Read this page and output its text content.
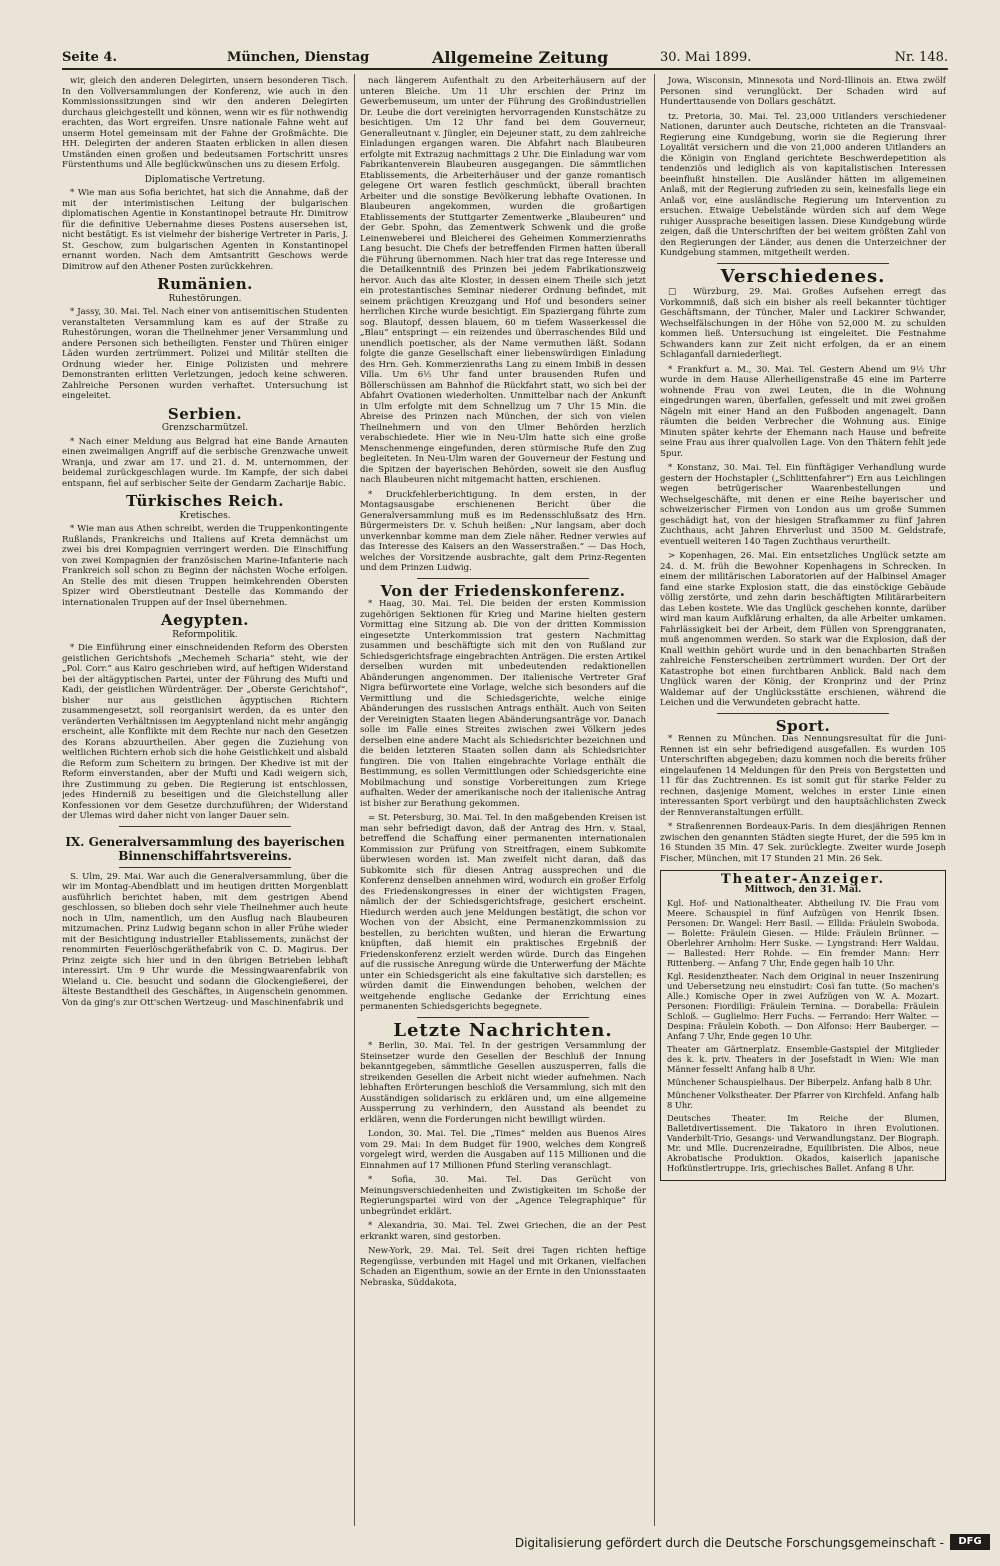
Seite 4.	München, Dienstag	Allgemeine Zeitung	30. Mai 1899.	Nr. 148.

wir, gleich den anderen Delegirten, unsern besonderen Tisch. In den Vollversammlungen der Konferenz, wie auch in den Kommissionssitzungen sind wir den anderen Delegirten durchaus gleichgestellt und können, wenn wir es für nothwendig erachten, das Wort ergreifen. Unsre nationale Fahne weht auf unserm Hotel gemeinsam mit der Fahne der Großmächte. Die HH. Delegirten der anderen Staaten erblicken in allen diesen Umständen einen großen und bedeutsamen Fortschritt unsres Fürstenthums und Alle beglückwünschen uns zu diesem Erfolg.

Diplomatische Vertretung.

* Wie man aus Sofia berichtet, hat sich die Annahme, daß der mit der interimistischen Leitung der bulgarischen diplomatischen Agentie in Konstantinopel betraute Hr. Dimitrow für die definitive Uebernahme dieses Postens ausersehen ist, nicht bestätigt. Es ist vielmehr der bisherige Vertreter in Paris, J. St. Geschow, zum bulgarischen Agenten in Konstantinopel ernannt worden. Nach dem Amtsantritt Geschows werde Dimitrow auf den Athener Posten zurückkehren.

Rumänien.
Ruhestörungen.

* Jassy, 30. Mai. Tel. Nach einer von antisemitischen Studenten veranstalteten Versammlung kam es auf der Straße zu Ruhestörungen, woran die Theilnehmer jener Versammlung und andere Personen sich betheiligten. Fenster und Thüren einiger Läden wurden zertrümmert. Polizei und Militär stellten die Ordnung wieder her. Einige Polizisten und mehrere Demonstranten erlitten Verletzungen, jedoch keine schweren. Zahlreiche Personen wurden verhaftet. Untersuchung ist eingeleitet.

Serbien.
Grenzscharmützel.

* Nach einer Meldung aus Belgrad hat eine Bande Arnauten einen zweimaligen Angriff auf die serbische Grenzwache unweit Wranja, und zwar am 17. und 21. d. M. unternommen, der beidemal zurückgeschlagen wurde. Im Kampfe, der sich dabei entspann, fiel auf serbischer Seite der Gendarm Zacharije Babic.

Türkisches Reich.
Kretisches.

* Wie man aus Athen schreibt, werden die Truppenkontingente Rußlands, Frankreichs und Italiens auf Kreta demnächst um zwei bis drei Kompagnien verringert werden. Die Einschiffung von zwei Kompagnien der französischen Marine-Infanterie nach Frankreich soll schon zu Beginn der nächsten Woche erfolgen. An Stelle des mit diesen Truppen heimkehrenden Obersten Spizer wird Oberstleutnant Destelle das Kommando der internationalen Truppen auf der Insel übernehmen.

Aegypten.
Reformpolitik.

* Die Einführung einer einschneidenden Reform des Obersten geistlichen Gerichtshofs „Mechemeh Scharia“ steht, wie der „Pol. Corr.“ aus Kairo geschrieben wird, auf heftigen Widerstand bei der altägyptischen Partei, unter der Führung des Mufti und Kadi, der geistlichen Würdenträger. Der „Oberste Gerichtshof“, bisher nur aus geistlichen ägyptischen Richtern zusammengesetzt, soll reorganisirt werden, da es unter den veränderten Verhältnissen im Aegyptenland nicht mehr angängig erscheint, alle Konflikte mit dem Rechte nur nach den Gesetzen des Korans abzuurtheilen. Aber gegen die Zuziehung von weltlichen Richtern erhob sich die hohe Geistlichkeit und alsbald die Reform zum Scheitern zu bringen. Der Khedive ist mit der Reform einverstanden, aber der Mufti und Kadi weigern sich, ihre Zustimmung zu geben. Die Regierung ist entschlossen, jedes Hinderniß zu beseitigen und die Gleichstellung aller Konfessionen vor dem Gesetze durchzuführen; der Widerstand der Ulemas wird daher nicht von langer Dauer sein.

IX. Generalversammlung des bayerischen Binnenschiffahrtsvereins.

S. Ulm, 29. Mai. War auch die Generalversammlung, über die wir im Montag-Abendblatt und im heutigen dritten Morgenblatt ausführlich berichtet haben, mit dem gestrigen Abend geschlossen, so blieben doch sehr viele Theilnehmer auch heute noch in Ulm, namentlich, um den Ausflug nach Blaubeuren mitzumachen. Prinz Ludwig begann schon in aller Frühe wieder mit der Besichtigung industrieller Etablissements, zunächst der renommirten Feuerlöschgeräthefabrik von C. D. Magirus. Der Prinz zeigte sich hier und in den übrigen Betrieben lebhaft interessirt. Um 9 Uhr wurde die Messingwaarenfabrik von Wieland u. Cie. besucht und sodann die Glockengießerei, der älteste Bestandtheil des Geschäftes, in Augenschein genommen. Von da ging's zur Ott'schen Wertzeug- und Maschinenfabrik und

nach längerem Aufenthalt zu den Arbeiterhäusern auf der unteren Bleiche. Um 11 Uhr erschien der Prinz im Gewerbemuseum, um unter der Führung des Großindustriellen Dr. Leube die dort vereinigten hervorragenden Kunstschätze zu besichtigen. Um 12 Uhr fand bei dem Gouverneur, Generalleutnant v. Jüngler, ein Dejeuner statt, zu dem zahlreiche Einladungen ergangen waren. Die Abfahrt nach Blaubeuren erfolgte mit Extrazug nachmittags 2 Uhr. Die Einladung war vom Fabrikantenverein Blaubeuren ausgegangen. Die sämmtlichen Etablissements, die Arbeiterhäuser und der ganze romantisch gelegene Ort waren festlich geschmückt, überall brachten Arbeiter und die sonstige Bevölkerung lebhafte Ovationen. In Blaubeuren angekommen, wurden die großartigen Etablissements der Stuttgarter Zementwerke „Blaubeuren“ und der Gebr. Spohn, das Zementwerk Schwenk und die große Leinenweberei und Bleicherei des Geheimen Kommerzienraths Lang besucht. Die Chefs der betreffenden Firmen hatten überall die Führung übernommen. Nach hier trat das rege Interesse und die Detailkenntniß des Prinzen bei jedem Fabrikationszweig hervor. Auch das alte Kloster, in dessen einem Theile sich jetzt ein protestantisches Seminar niederer Ordnung befindet, mit seinem prächtigen Kreuzgang und Hof und besonders seiner herrlichen Kirche wurde besichtigt. Ein Spaziergang führte zum sog. Blautopf, dessen blauem, 60 m tiefem Wasserkessel die „Blau“ entspringt — ein reizendes und überraschendes Bild und unendlich poetischer, als der Name vermuthen läßt. Sodann folgte die ganze Gesellschaft einer liebenswürdigen Einladung des Hrn. Geh. Kommerzienraths Lang zu einem Imbiß in dessen Villa. Um 6½ Uhr fand unter brausenden Rufen und Böllerschüssen am Bahnhof die Rückfahrt statt, wo sich bei der Abfahrt Ovationen wiederholten. Unmittelbar nach der Ankunft in Ulm erfolgte mit dem Schnellzug um 7 Uhr 15 Min. die Abreise des Prinzen nach München, der sich von vielen Theilnehmern und von den Ulmer Behörden herzlich verabschiedete. Hier wie in Neu-Ulm hatte sich eine große Menschenmenge eingefunden, deren stürmische Rufe den Zug begleiteten. In Neu-Ulm waren der Gouverneur der Festung und die Spitzen der bayerischen Behörden, soweit sie den Ausflug nach Blaubeuren nicht mitgemacht hatten, erschienen.

* Druckfehlerberichtigung. In dem ersten, in der Montagsausgabe erschienenen Bericht über die Generalversammlung muß es im Redensschlußsatz des Hrn. Bürgermeisters Dr. v. Schuh heißen: „Nur langsam, aber doch unverkennbar komme man dem Ziele näher. Redner verwies auf das Interesse des Kaisers an den Wasserstraßen.“ — Das Hoch, welches der Vorsitzende ausbrachte, galt dem Prinz-Regenten und dem Prinzen Ludwig.

Von der Friedenskonferenz.

* Haag, 30. Mai. Tel. Die beiden der ersten Kommission zugehörigen Sektionen für Krieg und Marine hielten gestern Vormittag eine Sitzung ab. Die von der dritten Kommission eingesetzte Unterkommission trat gestern Nachmittag zusammen und beschäftigte sich mit den von Rußland zur Schiedsgerichtsfrage eingebrachten Anträgen. Die ersten Artikel derselben wurden mit unbedeutenden redaktionellen Abänderungen angenommen. Der italienische Vertreter Graf Nigra befürwortete eine Vorlage, welche sich besonders auf die Vermittlung und die Schiedsgerichte, welche einige Abänderungen des russischen Antrags enthält. Auch von Seiten der Vereinigten Staaten liegen Abänderungsanträge vor. Danach solle im Falle eines Streites zwischen zwei Völkern jedes derselben eine andere Macht als Schiedsrichter bezeichnen und die beiden letzteren Staaten sollen dann als Schiedsrichter fungiren. Die von Italien eingebrachte Vorlage enthält die Bestimmung, es sollen Vermittlungen oder Schiedsgerichte eine Mobilmachung und sonstige Vorbereitungen zum Kriege aufhalten. Weder der amerikanische noch der italienische Antrag ist bisher zur Berathung gekommen.

= St. Petersburg, 30. Mai. Tel. In den maßgebenden Kreisen ist man sehr befriedigt davon, daß der Antrag des Hrn. v. Staal, betreffend die Schaffung einer permanenten internationalen Kommission zur Prüfung von Streitfragen, einem Subkomite überwiesen worden ist. Man zweifelt nicht daran, daß das Subkomite sich für diesen Antrag aussprechen und die Konferenz denselben annehmen wird, wodurch ein großer Erfolg des Friedenskongresses in einer der wichtigsten Fragen, nämlich der der Schiedsgerichtsfrage, gesichert erscheint. Hiedurch werden auch jene Meldungen bestätigt, die schon vor Wochen von der Absicht, eine Permanenzkommission zu bestellen, zu berichten wußten, und hieran die Erwartung knüpften, daß hiemit ein praktisches Ergebniß der Friedenskonferenz erzielt werden würde. Durch das Eingehen auf die russische Anregung würde die Unterwerfung der Mächte unter ein Schiedsgericht als eine fakultative sich darstellen; es würden damit die Einwendungen behoben, welchen der weitgehende englische Gedanke der Errichtung eines permanenten Schiedsgerichts begegnete.

Letzte Nachrichten.

* Berlin, 30. Mai. Tel. In der gestrigen Versammlung der Steinsetzer wurde den Gesellen der Beschluß der Innung bekanntgegeben, sämmtliche Gesellen auszusperren, falls die streikenden Gesellen die Arbeit nicht wieder aufnehmen. Nach lebhaften Erörterungen beschloß die Versammlung, sich mit den Ausständigen solidarisch zu erklären und, um eine allgemeine Aussperrung zu verhindern, den Ausstand als beendet zu erklären, wenn die Forderungen nicht bewilligt würden.

London, 30. Mai. Tel. Die „Times“ melden aus Buenos Aires vom 29. Mai: In dem Budget für 1900, welches dem Kongreß vorgelegt wird, werden die Ausgaben auf 115 Millionen und die Einnahmen auf 17 Millionen Pfund Sterling veranschlagt.

* Sofia, 30. Mai. Tel. Das Gerücht von Meinungsverschiedenheiten und Zwistigkeiten im Schoße der Regierungspartei wird von der „Agence Telegraphique“ für unbegründet erklärt.

* Alexandria, 30. Mai. Tel. Zwei Griechen, die an der Pest erkrankt waren, sind gestorben.

New-York, 29. Mai. Tel. Seit drei Tagen richten heftige Regengüsse, verbunden mit Hagel und mit Orkanen, vielfachen Schaden an Eigenthum, sowie an der Ernte in den Unionsstaaten Nebraska, Süddakota,

Jowa, Wisconsin, Minnesota und Nord-Illinois an. Etwa zwölf Personen sind verunglückt. Der Schaden wird auf Hunderttausende von Dollars geschätzt.

tz. Pretoria, 30. Mai. Tel. 23,000 Uitlanders verschiedener Nationen, darunter auch Deutsche, richteten an die Transvaal-Regierung eine Kundgebung, worin sie die Regierung ihrer Loyalität versichern und die von 21,000 anderen Uitlanders an die Königin von England gerichtete Beschwerdepetition als tendenziös und lediglich als von kapitalistischen Interessen beeinflußt hinstellen. Die Ausländer hätten im allgemeinen Anlaß, mit der Regierung zufrieden zu sein, keinesfalls liege ein Anlaß vor, eine ausländische Regierung um Intervention zu ersuchen. Etwaige Uebelstände würden sich auf dem Wege ruhiger Aussprache beseitigen lassen. Diese Kundgebung würde zeigen, daß die Unterschriften der bei weitem größten Zahl von den Regierungen der Länder, aus denen die Unterzeichner der Kundgebung stammen, mitgetheilt werden.

Verschiedenes.

□ Würzburg, 29. Mai. Großes Aufsehen erregt das Vorkommniß, daß sich ein bisher als reell bekannter tüchtiger Geschäftsmann, der Tüncher, Maler und Lackirer Schwander, Wechselfälschungen in der Höhe von 52,000 M. zu schulden kommen ließ. Untersuchung ist eingeleitet. Die Festnahme Schwanders kann zur Zeit nicht erfolgen, da er an einem Schlaganfall darniederliegt.

* Frankfurt a. M., 30. Mai. Tel. Gestern Abend um 9½ Uhr wurde in dem Hause Allerheiligenstraße 45 eine im Parterre wohnende Frau von zwei Leuten, die in die Wohnung eingedrungen waren, überfallen, gefesselt und mit zwei großen Nägeln mit einer Hand an den Fußboden angenagelt. Dann räumten die beiden Verbrecher die Wohnung aus. Einige Minuten später kehrte der Ehemann nach Hause und befreite seine Frau aus ihrer qualvollen Lage. Von den Thätern fehlt jede Spur.

* Konstanz, 30. Mai. Tel. Ein fünftägiger Verhandlung wurde gestern der Hochstapler („Schlittenfahrer“) Ern aus Leichlingen wegen betrügerischer Waarenbestellungen und Wechselgeschäfte, mit denen er eine Reihe bayerischer und schweizerischer Firmen von London aus um große Summen geschädigt hat, von der hiesigen Strafkammer zu fünf Jahren Zuchthaus, acht Jahren Ehrverlust und 3500 M. Geldstrafe, eventuell weiteren 140 Tagen Zuchthaus verurtheilt.

> Kopenhagen, 26. Mai. Ein entsetzliches Unglück setzte am 24. d. M. früh die Bewohner Kopenhagens in Schrecken. In einem der militärischen Laboratorien auf der Halbinsel Amager fand eine starke Explosion statt, die das einstöckige Gebäude völlig zerstörte, und zehn darin beschäftigten Militärarbeitern das Leben kostete. Wie das Unglück geschehen konnte, darüber wird man kaum Aufklärung erhalten, da alle Arbeiter umkamen. Fahrlässigkeit bei der Arbeit, dem Füllen von Sprenggranaten, muß angenommen werden. So stark war die Explosion, daß der Knall weithin gehört wurde und in den benachbarten Straßen zahlreiche Fensterscheiben zertrümmert wurden. Der Ort der Katastrophe bot einen furchtbaren Anblick. Bald nach dem Unglück waren der König, der Kronprinz und der Prinz Waldemar auf der Unglücksstätte erschienen, während die Leichen und die Verwundeten gebracht hatte.

Sport.

* Rennen zu München. Das Nennungsresultat für die Juni-Rennen ist ein sehr befriedigend ausgefallen. Es wurden 105 Unterschriften abgegeben; dazu kommen noch die bereits früher eingelaufenen 14 Meldungen für den Preis von Bergstetten und 11 für das Zuchtrennen. Es ist somit gut für starke Felder zu rechnen, dasjenige Moment, welches in erster Linie einen interessanten Sport verbürgt und den hauptsächlichsten Zweck der Rennveranstaltungen erfüllt.

* Straßenrennen Bordeaux-Paris. In dem diesjährigen Rennen zwischen den genannten Städten siegte Huret, der die 595 km in 16 Stunden 35 Min. 47 Sek. zurücklegte. Zweiter wurde Joseph Fischer, München, mit 17 Stunden 21 Min. 26 Sek.

Theater-Anzeiger.
Mittwoch, den 31. Mai.

Kgl. Hof- und Nationaltheater. Abtheilung IV. Die Frau vom Meere. Schauspiel in fünf Aufzügen von Henrik Ibsen. Personen: Dr. Wangel: Herr Basil. — Ellida: Fräulein Swoboda. — Bolette: Fräulein Giesen. — Hilde: Fräulein Brünner. — Oberlehrer Arnholm: Herr Suske. — Lyngstrand: Herr Waldau. — Ballested: Herr Rohde. — Ein fremder Mann: Herr Rittenberg. — Anfang 7 Uhr, Ende gegen halb 10 Uhr.

Kgl. Residenztheater. Nach dem Original in neuer Inszenirung und Uebersetzung neu einstudirt: Così fan tutte. (So machen's Alle.) Komische Oper in zwei Aufzügen von W. A. Mozart. Personen: Fiordiligi: Fräulein Ternina. — Dorabella: Fräulein Schloß. — Guglielmo: Herr Fuchs. — Ferrando: Herr Walter. — Despina: Fräulein Koboth. — Don Alfonso: Herr Bauberger. — Anfang 7 Uhr, Ende gegen 10 Uhr.

Theater am Gärtnerplatz. Ensemble-Gastspiel der Mitglieder des k. k. priv. Theaters in der Josefstadt in Wien: Wie man Männer fesselt! Anfang halb 8 Uhr.

Münchener Schauspielhaus. Der Biberpelz. Anfang halb 8 Uhr.

Münchener Volkstheater. Der Pfarrer von Kirchfeld. Anfang halb 8 Uhr.

Deutsches Theater. Im Reiche der Blumen, Balletdivertissement. Die Takatoro in ihren Evolutionen. Vanderbilt-Trio, Gesangs- und Verwandlungstanz. Der Biograph. Mr. und Mlle. Ducrenzeiradne, Equilibristen. Die Albos, neue Akrobatische Produktion. Okados, kaiserlich japanische Hofkünstlertruppe. Iris, griechisches Ballet. Anfang 8 Uhr.

Digitalisierung gefördert durch die Deutsche Forschungsgemeinschaft -	DFG
